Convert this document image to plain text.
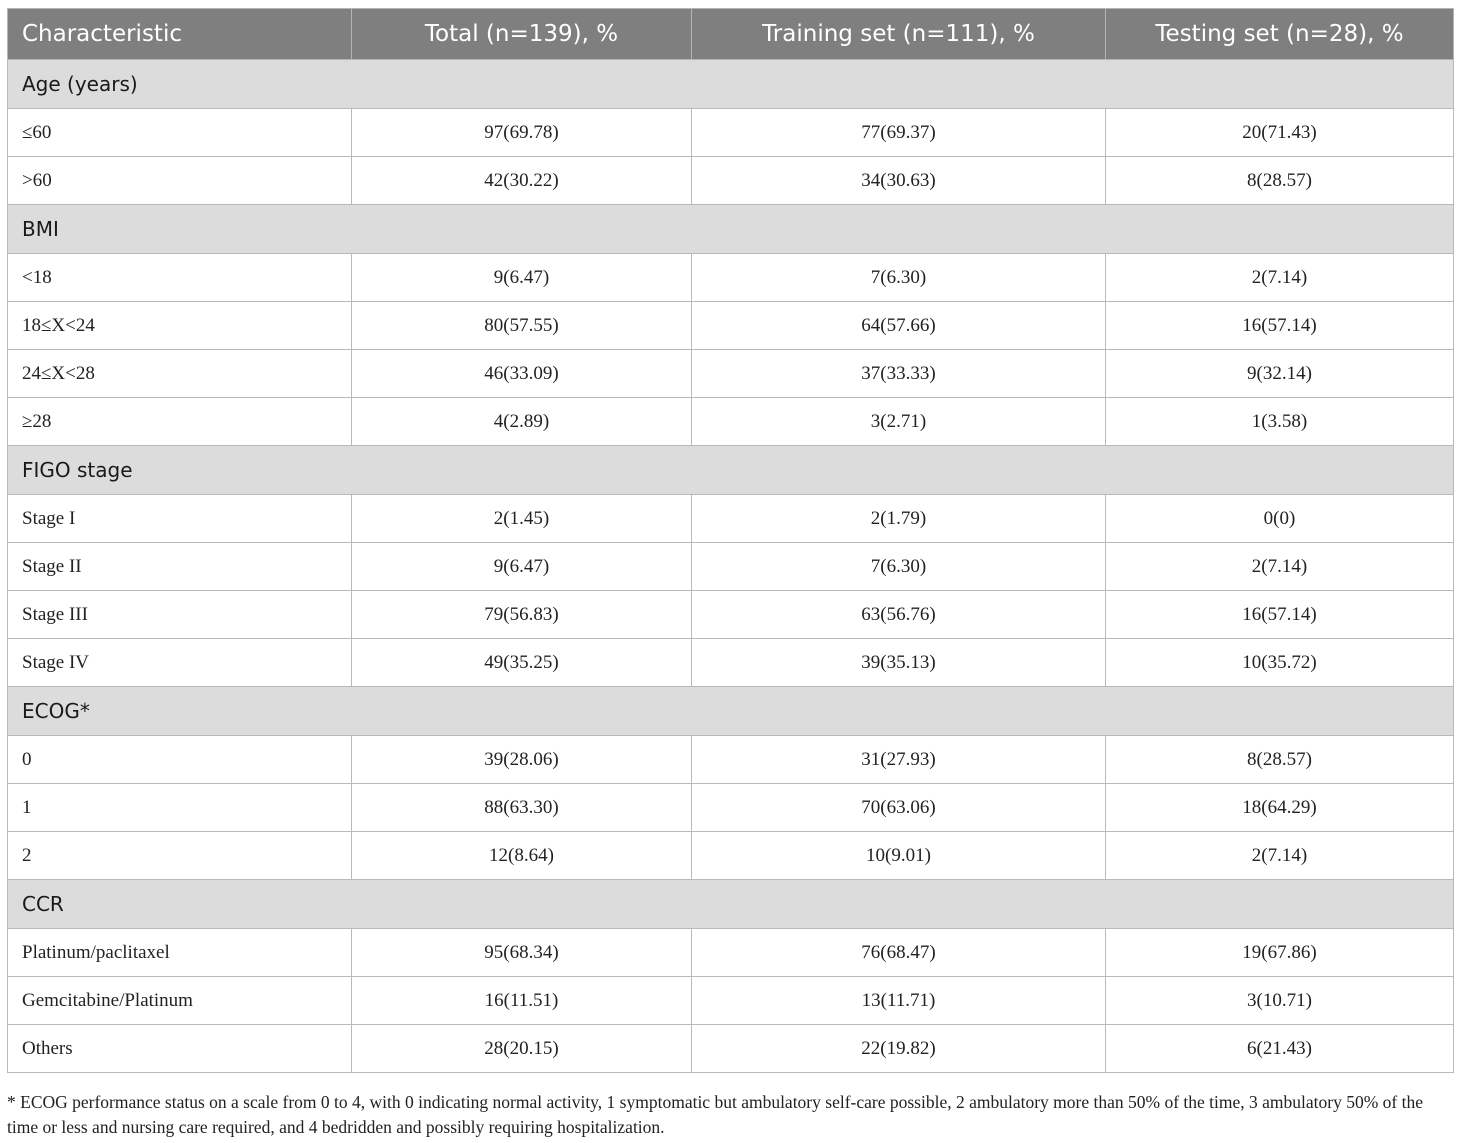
Characteristic	Total (n=139), %	Training set (n=111), %	Testing set (n=28), %
Age (years)			
≤60	97(69.78)	77(69.37)	20(71.43)
>60	42(30.22)	34(30.63)	8(28.57)
BMI			
<18	9(6.47)	7(6.30)	2(7.14)
18≤X<24	80(57.55)	64(57.66)	16(57.14)
24≤X<28	46(33.09)	37(33.33)	9(32.14)
≥28	4(2.89)	3(2.71)	1(3.58)
FIGO stage			
Stage I	2(1.45)	2(1.79)	0(0)
Stage II	9(6.47)	7(6.30)	2(7.14)
Stage III	79(56.83)	63(56.76)	16(57.14)
Stage IV	49(35.25)	39(35.13)	10(35.72)
ECOG*			
0	39(28.06)	31(27.93)	8(28.57)
1	88(63.30)	70(63.06)	18(64.29)
2	12(8.64)	10(9.01)	2(7.14)
CCR			
Platinum/paclitaxel	95(68.34)	76(68.47)	19(67.86)
Gemcitabine/Platinum	16(11.51)	13(11.71)	3(10.71)
Others	28(20.15)	22(19.82)	6(21.43)
* ECOG performance status on a scale from 0 to 4, with 0 indicating normal activity, 1 symptomatic but ambulatory self-care possible, 2 ambulatory more than 50% of the time, 3 ambulatory 50% of the time or less and nursing care required, and 4 bedridden and possibly requiring hospitalization.
